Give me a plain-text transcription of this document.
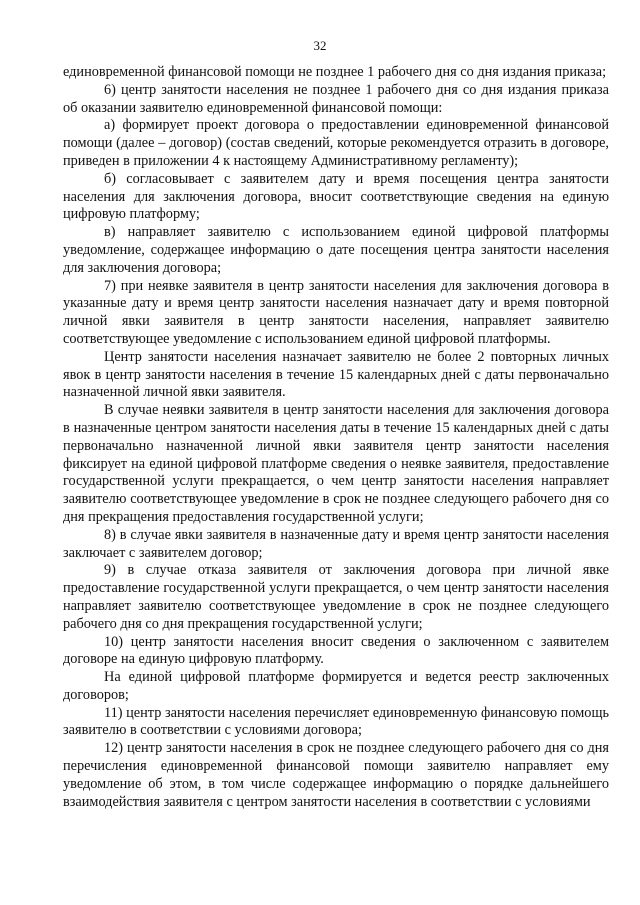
32

единовременной финансовой помощи не позднее 1 рабочего дня со дня издания приказа;

6) центр занятости населения не позднее 1 рабочего дня со дня издания приказа об оказании заявителю единовременной финансовой помощи:

а) формирует проект договора о предоставлении единовременной финансовой помощи (далее – договор) (состав сведений, которые рекомендуется отразить в договоре, приведен в приложении 4 к настоящему Административному регламенту);

б) согласовывает с заявителем дату и время посещения центра занятости населения для заключения договора, вносит соответствующие сведения на единую цифровую платформу;

в) направляет заявителю с использованием единой цифровой платформы уведомление, содержащее информацию о дате посещения центра занятости населения для заключения договора;

7) при неявке заявителя в центр занятости населения для заключения договора в указанные дату и время центр занятости населения назначает дату и время повторной личной явки заявителя в центр занятости населения, направляет заявителю соответствующее уведомление с использованием единой цифровой платформы.

Центр занятости населения назначает заявителю не более 2 повторных личных явок в центр занятости населения в течение 15 календарных дней с даты первоначально назначенной личной явки заявителя.

В случае неявки заявителя в центр занятости населения для заключения договора в назначенные центром занятости населения даты в течение 15 календарных дней с даты первоначально назначенной личной явки заявителя центр занятости населения фиксирует на единой цифровой платформе сведения о неявке заявителя, предоставление государственной услуги прекращается, о чем центр занятости населения направляет заявителю соответствующее уведомление в срок не позднее следующего рабочего дня со дня прекращения предоставления государственной услуги;

8) в случае явки заявителя в назначенные дату и время центр занятости населения заключает с заявителем договор;

9) в случае отказа заявителя от заключения договора при личной явке предоставление государственной услуги прекращается, о чем центр занятости населения направляет заявителю соответствующее уведомление в срок не позднее следующего рабочего дня со дня прекращения государственной услуги;

10) центр занятости населения вносит сведения о заключенном с заявителем договоре на единую цифровую платформу.

На единой цифровой платформе формируется и ведется реестр заключенных договоров;

11) центр занятости населения перечисляет единовременную финансовую помощь заявителю в соответствии с условиями договора;

12) центр занятости населения в срок не позднее следующего рабочего дня со дня перечисления единовременной финансовой помощи заявителю направляет ему уведомление об этом, в том числе содержащее информацию о порядке дальнейшего взаимодействия заявителя с центром занятости населения в соответствии с условиями
